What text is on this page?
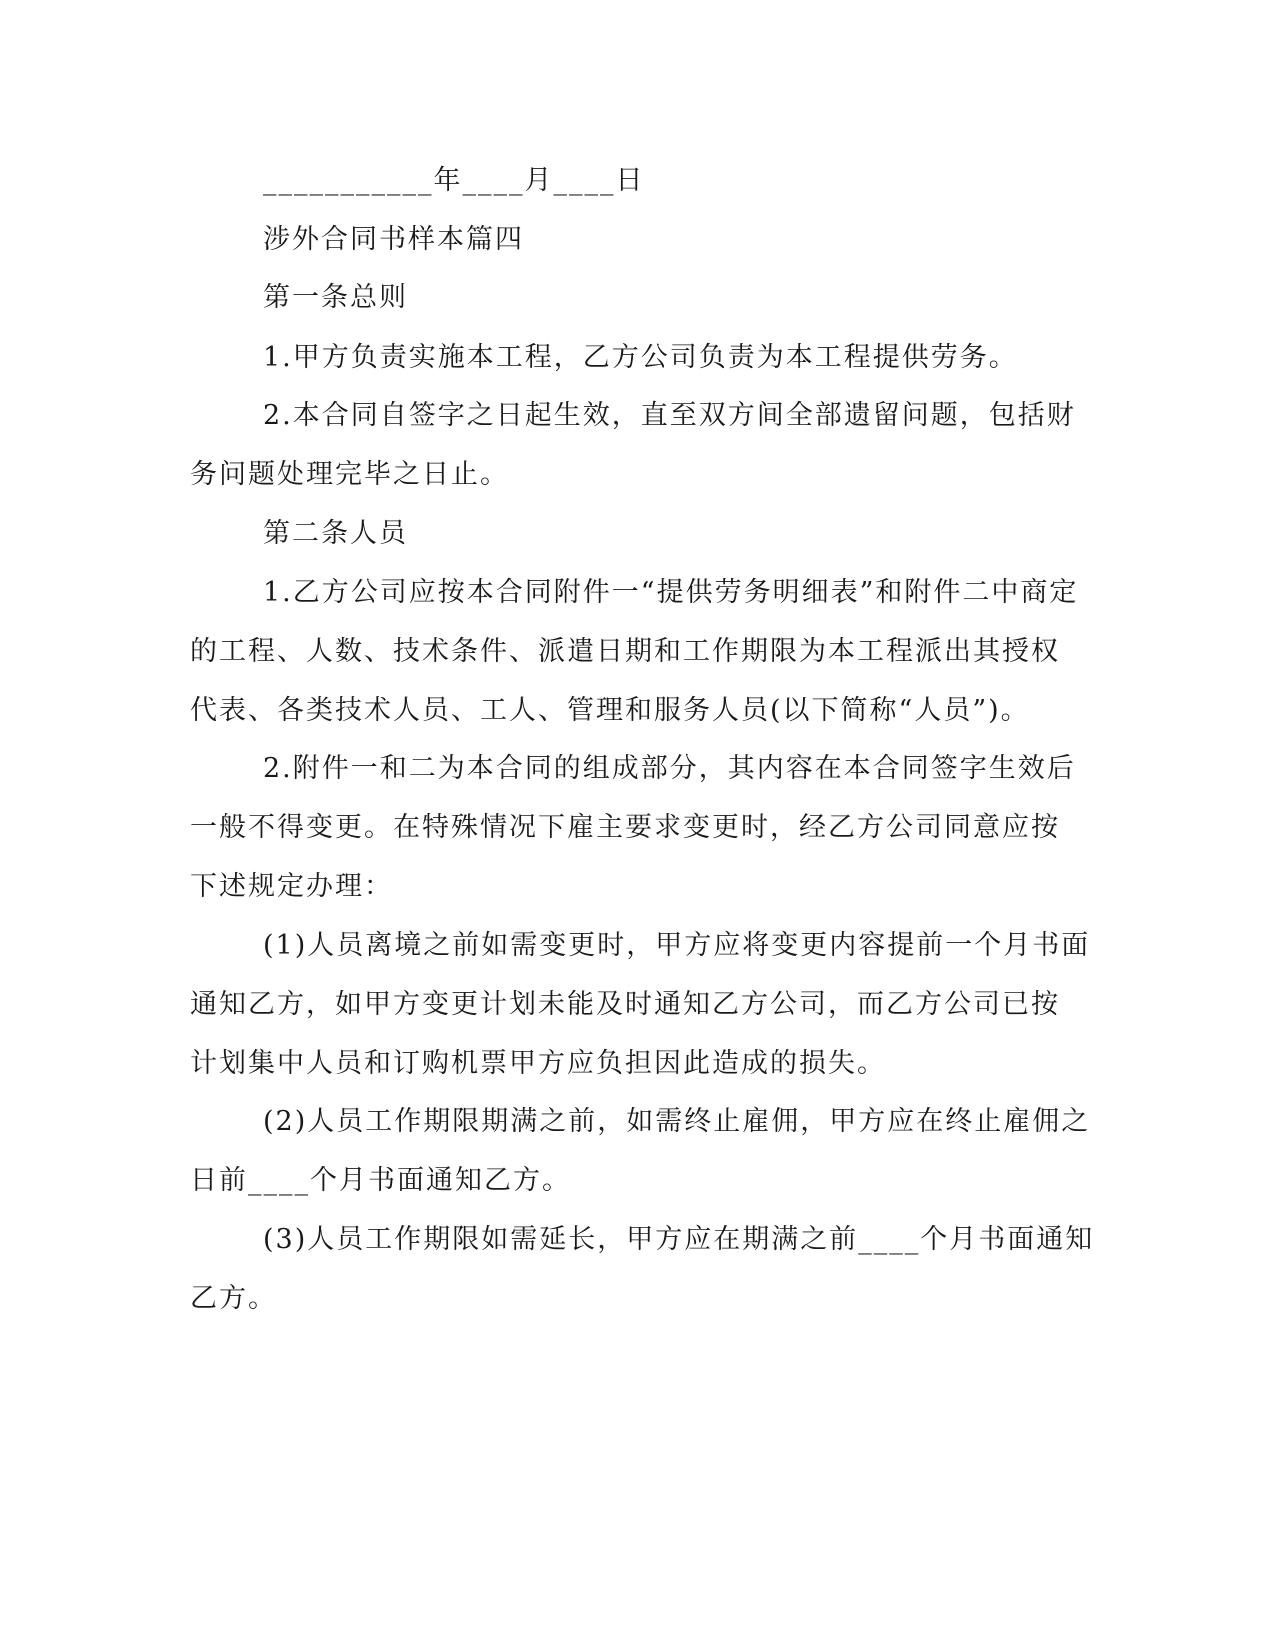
___________年____月____日
涉外合同书样本篇四
第一条总则
1.甲方负责实施本工程，乙方公司负责为本工程提供劳务。
2.本合同自签字之日起生效，直至双方间全部遗留问题，包括财
务问题处理完毕之日止。
第二条人员
1.乙方公司应按本合同附件一“提供劳务明细表”和附件二中商定
的工程、人数、技术条件、派遣日期和工作期限为本工程派出其授权
代表、各类技术人员、工人、管理和服务人员(以下简称“人员”)。
2.附件一和二为本合同的组成部分，其内容在本合同签字生效后
一般不得变更。在特殊情况下雇主要求变更时，经乙方公司同意应按
下述规定办理：
(1)人员离境之前如需变更时，甲方应将变更内容提前一个月书面
通知乙方，如甲方变更计划未能及时通知乙方公司，而乙方公司已按
计划集中人员和订购机票甲方应负担因此造成的损失。
(2)人员工作期限期满之前，如需终止雇佣，甲方应在终止雇佣之
日前____个月书面通知乙方。
(3)人员工作期限如需延长，甲方应在期满之前____个月书面通知
乙方。
